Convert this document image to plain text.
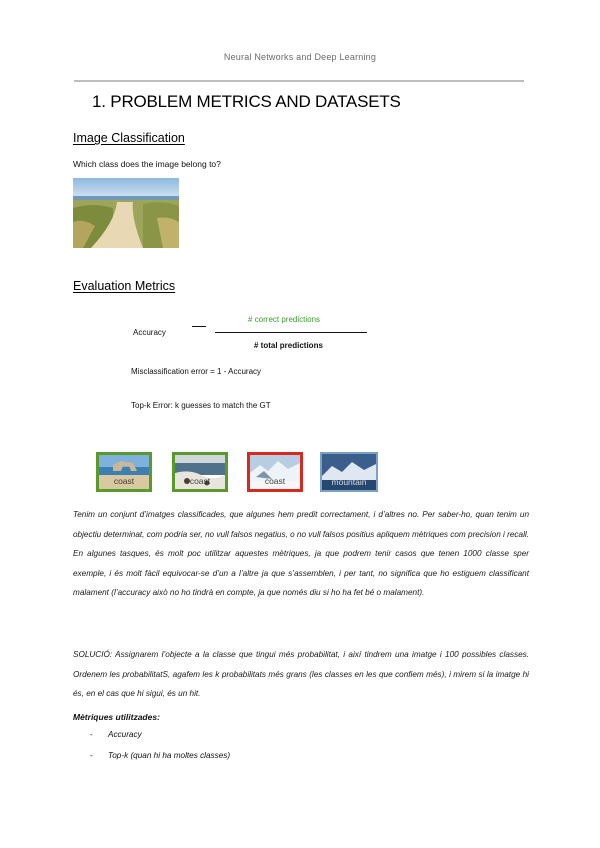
Neural Networks and Deep Learning
1. PROBLEM METRICS AND DATASETS
Image Classification
Which class does the image belong to?
Evaluation Metrics
Accuracy
# correct predictions
# total predictions
Misclassification error = 1 - Accuracy
Top-k Error: k guesses to match the GT
coast	coast	coast	mountain
Tenim un conjunt d’imatges classificades, que algunes hem predit correctament, i d’altres no. Per saber-ho, quan tenim un objectiu determinat, com podria ser, no vull falsos negatius, o no vull falsos positius apliquem mètriques com precision i recall. En algunes tasques, és molt poc utilitzar aquestes mètriques, ja que podrem tenir casos que tenen 1000 classe sper exemple, i és molt fàcil equivocar-se d’un a l’altre ja que s’assemblen, i per tant, no significa que ho estiguem classificant malament (l’accuracy això no ho tindrà en compte, ja que només diu si ho ha fet bé o malament).
SOLUCIÓ: Assignarem l’objecte a la classe que tingui més probabilitat, i així tindrem una imatge i 100 possibles classes. Ordenem les probabilitatS, agafem les k probabilitats més grans (les classes en les que confiem més), i mirem si la imatge hi és, en el cas que hi sigui, és un hit.
Mètriques utilitzades:
- Accuracy
- Top-k (quan hi ha moltes classes)
